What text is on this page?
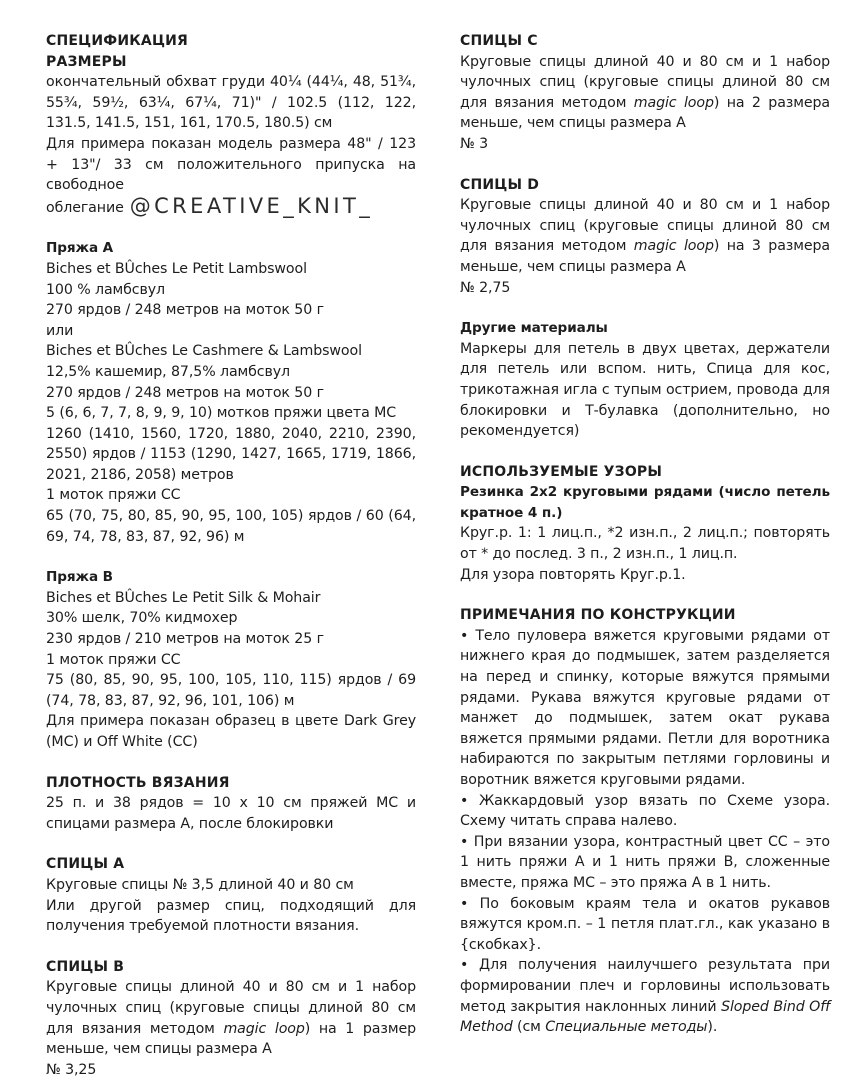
СПЕЦИФИКАЦИЯ
РАЗМЕРЫ

окончательный обхват груди 40¼ (44¼, 48, 51¾, 55¾, 59½, 63¼, 67¼, 71)" / 102.5 (112, 122, 131.5, 141.5, 151, 161, 170.5, 180.5) см

Для примера показан модель размера 48" / 123 + 13"/ 33 см положительного припуска на свободное облегание @CREATIVE_KNIT_

Пряжа А

Biches et BÛches Le Petit Lambswool

100 % ламбсвул

270 ярдов / 248 метров на моток 50 г

или

Biches et BÛches Le Cashmere & Lambswool

12,5% кашемир, 87,5% ламбсвул

270 ярдов / 248 метров на моток 50 г

5 (6, 6, 7, 7, 8, 9, 9, 10) мотков пряжи цвета МС

1260 (1410, 1560, 1720, 1880, 2040, 2210, 2390, 2550) ярдов / 1153 (1290, 1427, 1665, 1719, 1866, 2021, 2186, 2058) метров

1 моток пряжи СС

65 (70, 75, 80, 85, 90, 95, 100, 105) ярдов / 60 (64, 69, 74, 78, 83, 87, 92, 96) м

Пряжа В

Biches et BÛches Le Petit Silk & Mohair

30% шелк, 70% кидмохер

230 ярдов / 210 метров на моток 25 г

1 моток пряжи СС

75 (80, 85, 90, 95, 100, 105, 110, 115) ярдов / 69 (74, 78, 83, 87, 92, 96, 101, 106) м

Для примера показан образец в цвете Dark Grey (МС) и Off White (CC)

ПЛОТНОСТЬ ВЯЗАНИЯ

25 п. и 38 рядов = 10 х 10 см пряжей МС и спицами размера А, после блокировки

СПИЦЫ А

Круговые спицы № 3,5 длиной 40 и 80 см

Или другой размер спиц, подходящий для получения требуемой плотности вязания.

СПИЦЫ В

Круговые спицы длиной 40 и 80 см и 1 набор чулочных спиц (круговые спицы длиной 80 см для вязания методом magic loop) на 1 размер меньше, чем спицы размера А

№ 3,25

СПИЦЫ С

Круговые спицы длиной 40 и 80 см и 1 набор чулочных спиц (круговые спицы длиной 80 см для вязания методом magic loop) на 2 размера меньше, чем спицы размера А

№ 3

СПИЦЫ D

Круговые спицы длиной 40 и 80 см и 1 набор чулочных спиц (круговые спицы длиной 80 см для вязания методом magic loop) на 3 размера меньше, чем спицы размера А

№ 2,75

Другие материалы

Маркеры для петель в двух цветах, держатели для петель или вспом. нить, Спица для кос, трикотажная игла с тупым острием, провода для блокировки и Т-булавка (дополнительно, но рекомендуется)

ИСПОЛЬЗУЕМЫЕ УЗОРЫ

Резинка 2х2 круговыми рядами (число петель кратное 4 п.)

Круг.р. 1: 1 лиц.п., *2 изн.п., 2 лиц.п.; повторять от * до послед. 3 п., 2 изн.п., 1 лиц.п.

Для узора повторять Круг.р.1.

ПРИМЕЧАНИЯ ПО КОНСТРУКЦИИ

• Тело пуловера вяжется круговыми рядами от нижнего края до подмышек, затем разделяется на перед и спинку, которые вяжутся прямыми рядами. Рукава вяжутся круговые рядами от манжет до подмышек, затем окат рукава вяжется прямыми рядами. Петли для воротника набираются по закрытым петлями горловины и воротник вяжется круговыми рядами.

• Жаккардовый узор вязать по Схеме узора. Схему читать справа налево.

• При вязании узора, контрастный цвет СС – это 1 нить пряжи А и 1 нить пряжи В, сложенные вместе, пряжа МС – это пряжа А в 1 нить.

• По боковым краям тела и окатов рукавов вяжутся кром.п. – 1 петля плат.гл., как указано в {скобках}.

• Для получения наилучшего результата при формировании плеч и горловины использовать метод закрытия наклонных линий Sloped Bind Off Method (см Специальные методы).
